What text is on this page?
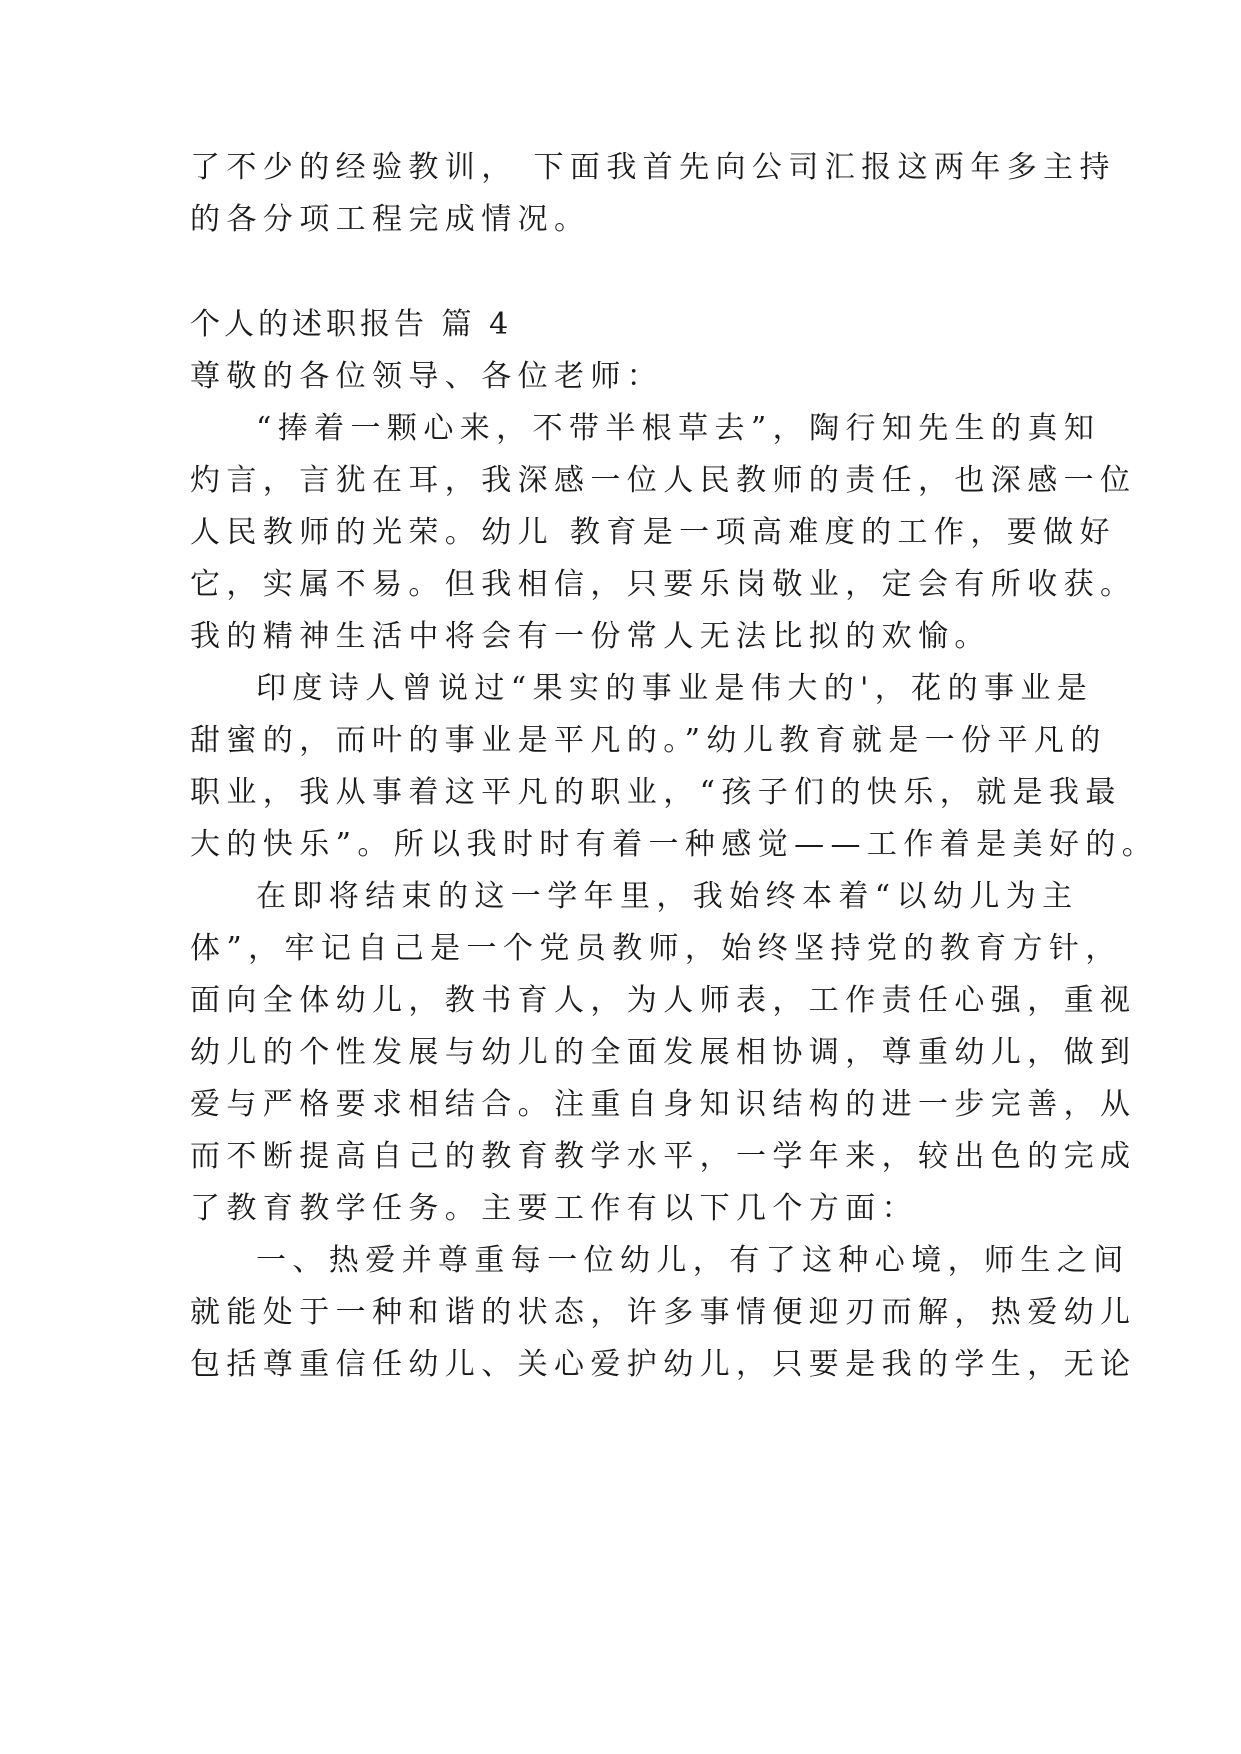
了不少的经验教训， 下面我首先向公司汇报这两年多主持
的各分项工程完成情况。
个人的述职报告 篇 4
尊敬的各位领导、各位老师：
“捧着一颗心来，不带半根草去”，陶行知先生的真知
灼言，言犹在耳，我深感一位人民教师的责任，也深感一位
人民教师的光荣。幼儿 教育是一项高难度的工作，要做好
它，实属不易。但我相信，只要乐岗敬业，定会有所收获。
我的精神生活中将会有一份常人无法比拟的欢愉。
印度诗人曾说过“果实的事业是伟大的'，花的事业是
甜蜜的，而叶的事业是平凡的。”幼儿教育就是一份平凡的
职业，我从事着这平凡的职业，“孩子们的快乐，就是我最
大的快乐”。所以我时时有着一种感觉——工作着是美好的。
在即将结束的这一学年里，我始终本着“以幼儿为主
体”，牢记自己是一个党员教师，始终坚持党的教育方针，
面向全体幼儿，教书育人，为人师表，工作责任心强，重视
幼儿的个性发展与幼儿的全面发展相协调，尊重幼儿，做到
爱与严格要求相结合。注重自身知识结构的进一步完善，从
而不断提高自己的教育教学水平，一学年来，较出色的完成
了教育教学任务。主要工作有以下几个方面：
一、热爱并尊重每一位幼儿，有了这种心境，师生之间
就能处于一种和谐的状态，许多事情便迎刃而解，热爱幼儿
包括尊重信任幼儿、关心爱护幼儿，只要是我的学生，无论
